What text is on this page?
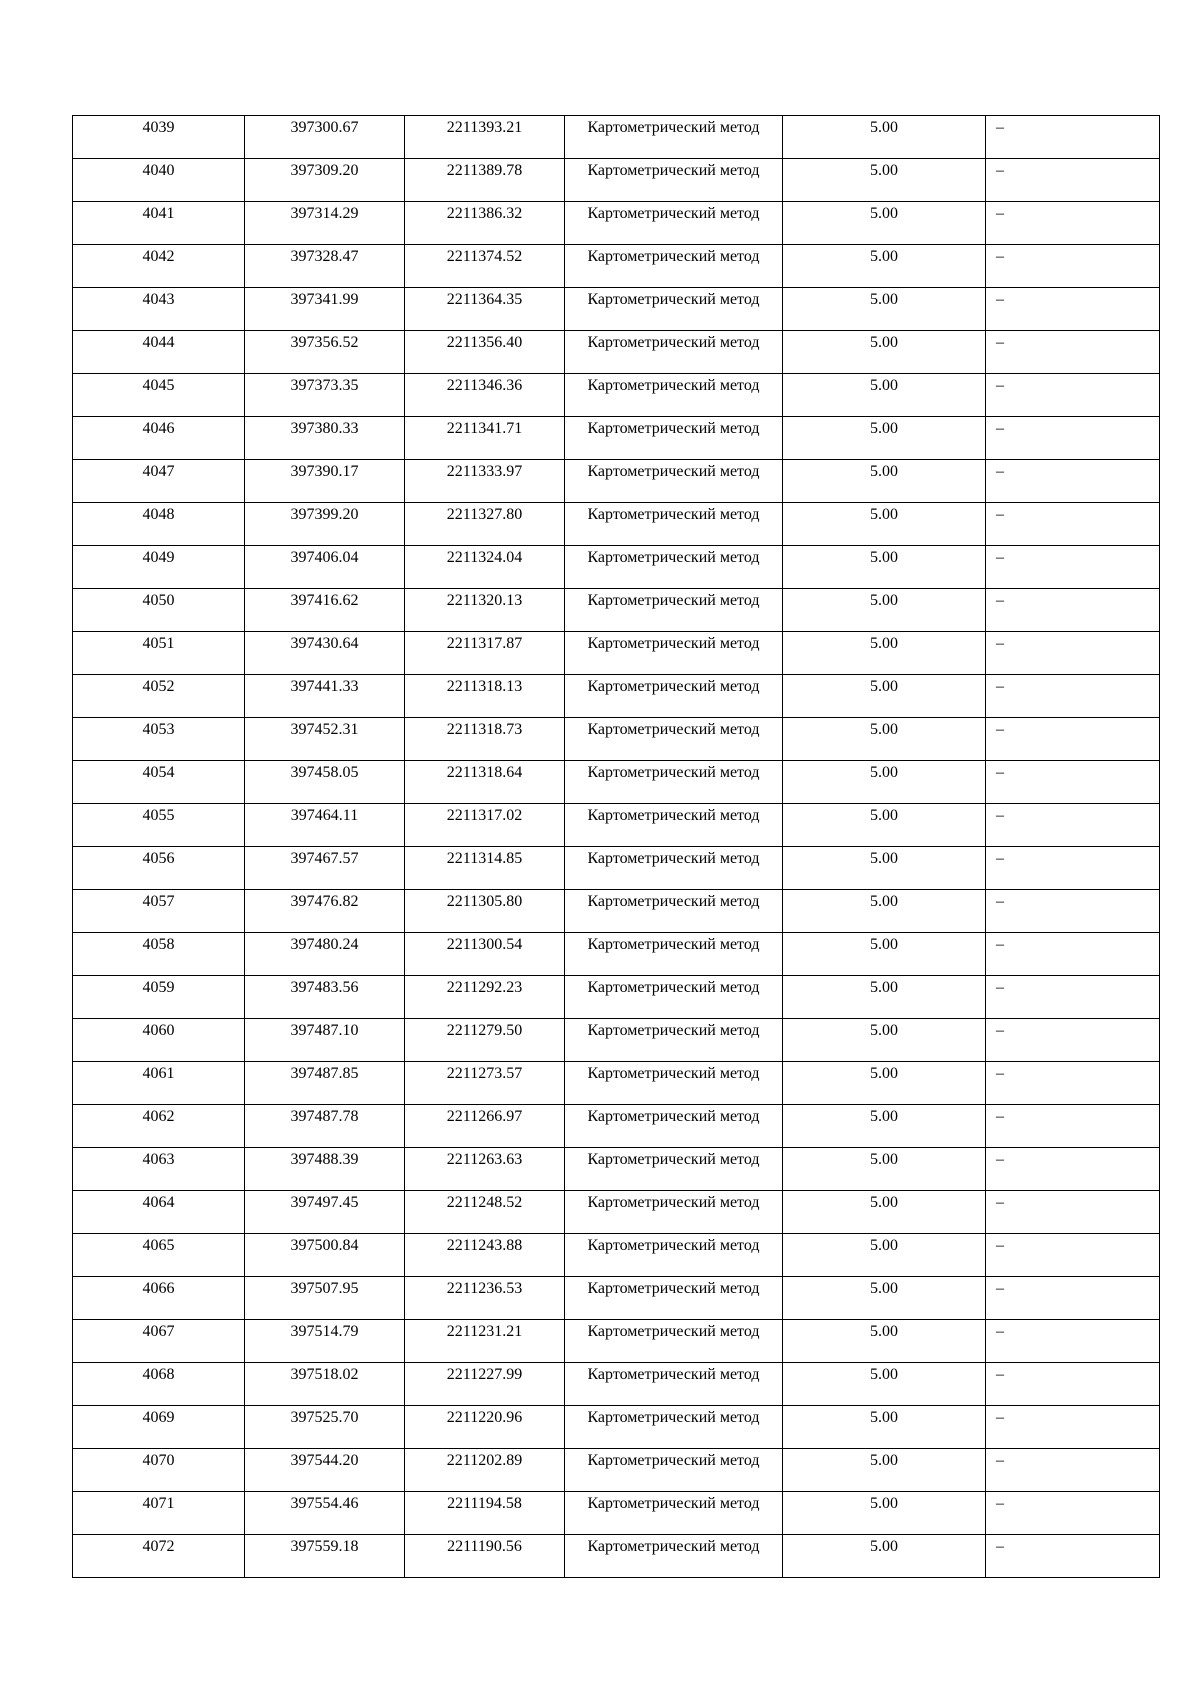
4039	397300.67	2211393.21	Картометрический метод	5.00	–

4040	397309.20	2211389.78	Картометрический метод	5.00	–

4041	397314.29	2211386.32	Картометрический метод	5.00	–

4042	397328.47	2211374.52	Картометрический метод	5.00	–

4043	397341.99	2211364.35	Картометрический метод	5.00	–

4044	397356.52	2211356.40	Картометрический метод	5.00	–

4045	397373.35	2211346.36	Картометрический метод	5.00	–

4046	397380.33	2211341.71	Картометрический метод	5.00	–

4047	397390.17	2211333.97	Картометрический метод	5.00	–

4048	397399.20	2211327.80	Картометрический метод	5.00	–

4049	397406.04	2211324.04	Картометрический метод	5.00	–

4050	397416.62	2211320.13	Картометрический метод	5.00	–

4051	397430.64	2211317.87	Картометрический метод	5.00	–

4052	397441.33	2211318.13	Картометрический метод	5.00	–

4053	397452.31	2211318.73	Картометрический метод	5.00	–

4054	397458.05	2211318.64	Картометрический метод	5.00	–

4055	397464.11	2211317.02	Картометрический метод	5.00	–

4056	397467.57	2211314.85	Картометрический метод	5.00	–

4057	397476.82	2211305.80	Картометрический метод	5.00	–

4058	397480.24	2211300.54	Картометрический метод	5.00	–

4059	397483.56	2211292.23	Картометрический метод	5.00	–

4060	397487.10	2211279.50	Картометрический метод	5.00	–

4061	397487.85	2211273.57	Картометрический метод	5.00	–

4062	397487.78	2211266.97	Картометрический метод	5.00	–

4063	397488.39	2211263.63	Картометрический метод	5.00	–

4064	397497.45	2211248.52	Картометрический метод	5.00	–

4065	397500.84	2211243.88	Картометрический метод	5.00	–

4066	397507.95	2211236.53	Картометрический метод	5.00	–

4067	397514.79	2211231.21	Картометрический метод	5.00	–

4068	397518.02	2211227.99	Картометрический метод	5.00	–

4069	397525.70	2211220.96	Картометрический метод	5.00	–

4070	397544.20	2211202.89	Картометрический метод	5.00	–

4071	397554.46	2211194.58	Картометрический метод	5.00	–

4072	397559.18	2211190.56	Картометрический метод	5.00	–
